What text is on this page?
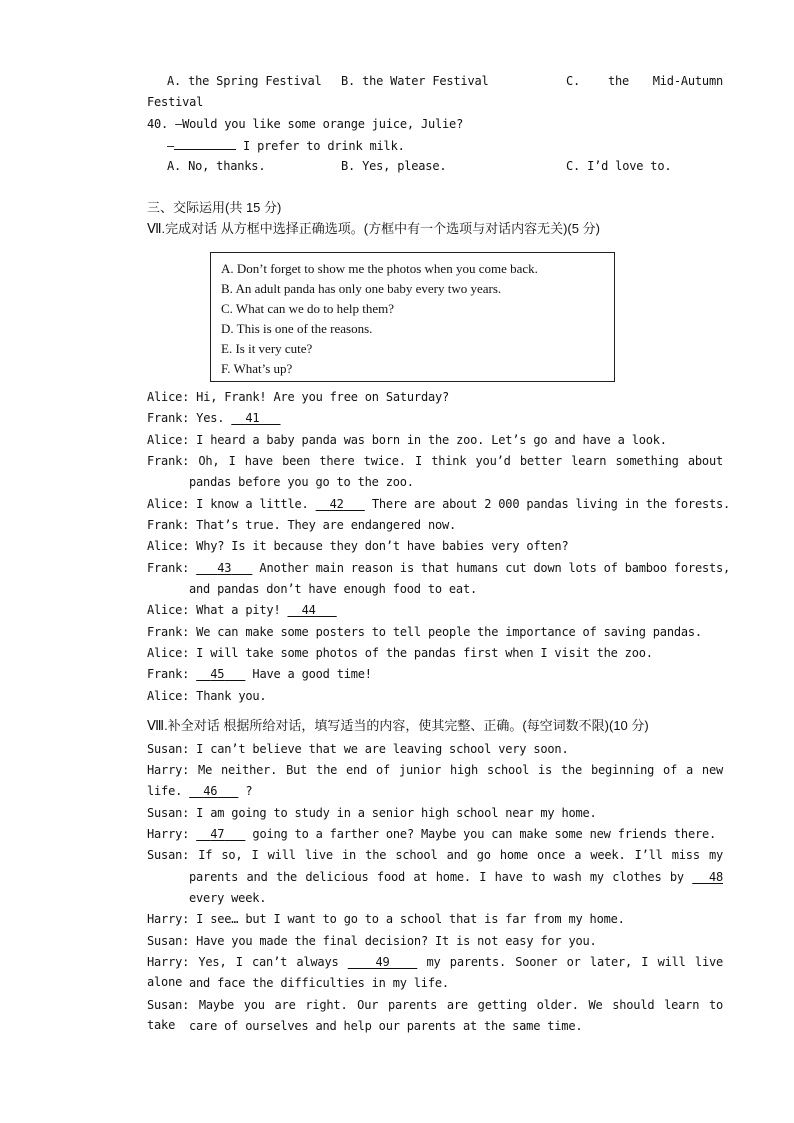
A. the Spring Festival B. the Water Festival	C. the Mid-Autumn
Festival
40. —Would you like some orange juice, Julie?
—	I prefer to drink milk.
A. No, thanks.	B. Yes, please.	C. I’d love to.
三、交际运用(共 15 分)
Ⅶ.完成对话 从方框中选择正确选项。(方框中有一个选项与对话内容无关)(5 分)
A. Don’t forget to show me the photos when you come back.
B. An adult panda has only one baby every two years.
C. What can we do to help them?
D. This is one of the reasons.
E. Is it very cute?
F. What’s up?
Alice: Hi, Frank! Are you free on Saturday?
Frank: Yes.   41
Alice: I heard a baby panda was born in the zoo. Let’s go and have a look.
Frank: Oh, I have been there twice. I think you’d better learn something about
pandas before you go to the zoo.
Alice: I know a little.   42    There are about 2 000 pandas living in the forests.
Frank: That’s true. They are endangered now.
Alice: Why? Is it because they don’t have babies very often?
Frank:    43    Another main reason is that humans cut down lots of bamboo forests,
and pandas don’t have enough food to eat.
Alice: What a pity!   44
Frank: We can make some posters to tell people the importance of saving pandas.
Alice: I will take some photos of the pandas first when I visit the zoo.
Frank:   45    Have a good time!
Alice: Thank you.
Ⅷ.补全对话 根据所给对话，填写适当的内容，使其完整、正确。(每空词数不限)(10 分)
Susan: I can’t believe that we are leaving school very soon.
Harry: Me neither. But the end of junior high school is the beginning of a new
life.   46    ?
Susan: I am going to study in a senior high school near my home.
Harry:   47    going to a farther one? Maybe you can make some new friends there.
Susan: If so, I will live in the school and go home once a week. I’ll miss my
parents and the delicious food at home. I have to wash my clothes by   48
every week.
Harry: I see… but I want to go to a school that is far from my home.
Susan: Have you made the final decision? It is not easy for you.
Harry: Yes, I can’t always    49    my parents. Sooner or later, I will live alone and face the difficulties in my life.
Susan: Maybe you are right. Our parents are getting older. We should learn to take	care of ourselves and help our parents at the same time.
